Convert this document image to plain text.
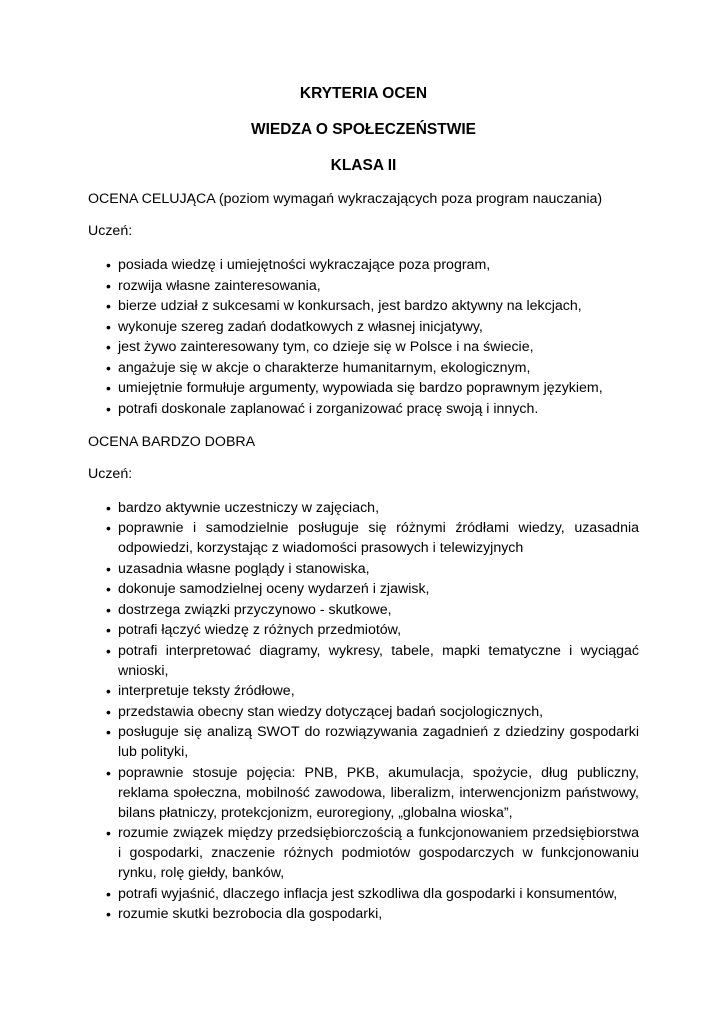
KRYTERIA OCEN
WIEDZA O SPOŁECZEŃSTWIE
KLASA II
OCENA CELUJĄCA (poziom wymagań wykraczających poza program nauczania)
Uczeń:
•
posiada wiedzę i umiejętności wykraczające poza program,
•
rozwija własne zainteresowania,
•
bierze udział z sukcesami w konkursach, jest bardzo aktywny na lekcjach,
•
wykonuje szereg zadań dodatkowych z własnej inicjatywy,
•
jest żywo zainteresowany tym, co dzieje się w Polsce i na świecie,
•
angażuje się w akcje o charakterze humanitarnym, ekologicznym,
•
umiejętnie formułuje argumenty, wypowiada się bardzo poprawnym językiem,
•
potrafi doskonale zaplanować i zorganizować pracę swoją i innych.
OCENA BARDZO DOBRA
Uczeń:
•
bardzo aktywnie uczestniczy w zajęciach,
•
poprawnie i samodzielnie posługuje się różnymi źródłami wiedzy, uzasadnia odpowiedzi, korzystając z wiadomości prasowych i telewizyjnych
•
uzasadnia własne poglądy i stanowiska,
•
dokonuje samodzielnej oceny wydarzeń i zjawisk,
•
dostrzega związki przyczynowo - skutkowe,
•
potrafi łączyć wiedzę z różnych przedmiotów,
•
potrafi interpretować diagramy, wykresy, tabele, mapki tematyczne i wyciągać wnioski,
•
interpretuje teksty źródłowe,
•
przedstawia obecny stan wiedzy dotyczącej badań socjologicznych,
•
posługuje się analizą SWOT do rozwiązywania zagadnień z dziedziny gospodarki lub polityki,
•
poprawnie stosuje pojęcia: PNB, PKB, akumulacja, spożycie, dług publiczny, reklama społeczna, mobilność zawodowa, liberalizm, interwencjonizm państwowy, bilans płatniczy, protekcjonizm, euroregiony, „globalna wioska”,
•
rozumie związek między przedsiębiorczością a funkcjonowaniem przedsiębiorstwa i gospodarki, znaczenie różnych podmiotów gospodarczych w funkcjonowaniu rynku, rolę giełdy, banków,
•
potrafi wyjaśnić, dlaczego inflacja jest szkodliwa dla gospodarki i konsumentów,
•
rozumie skutki bezrobocia dla gospodarki,
